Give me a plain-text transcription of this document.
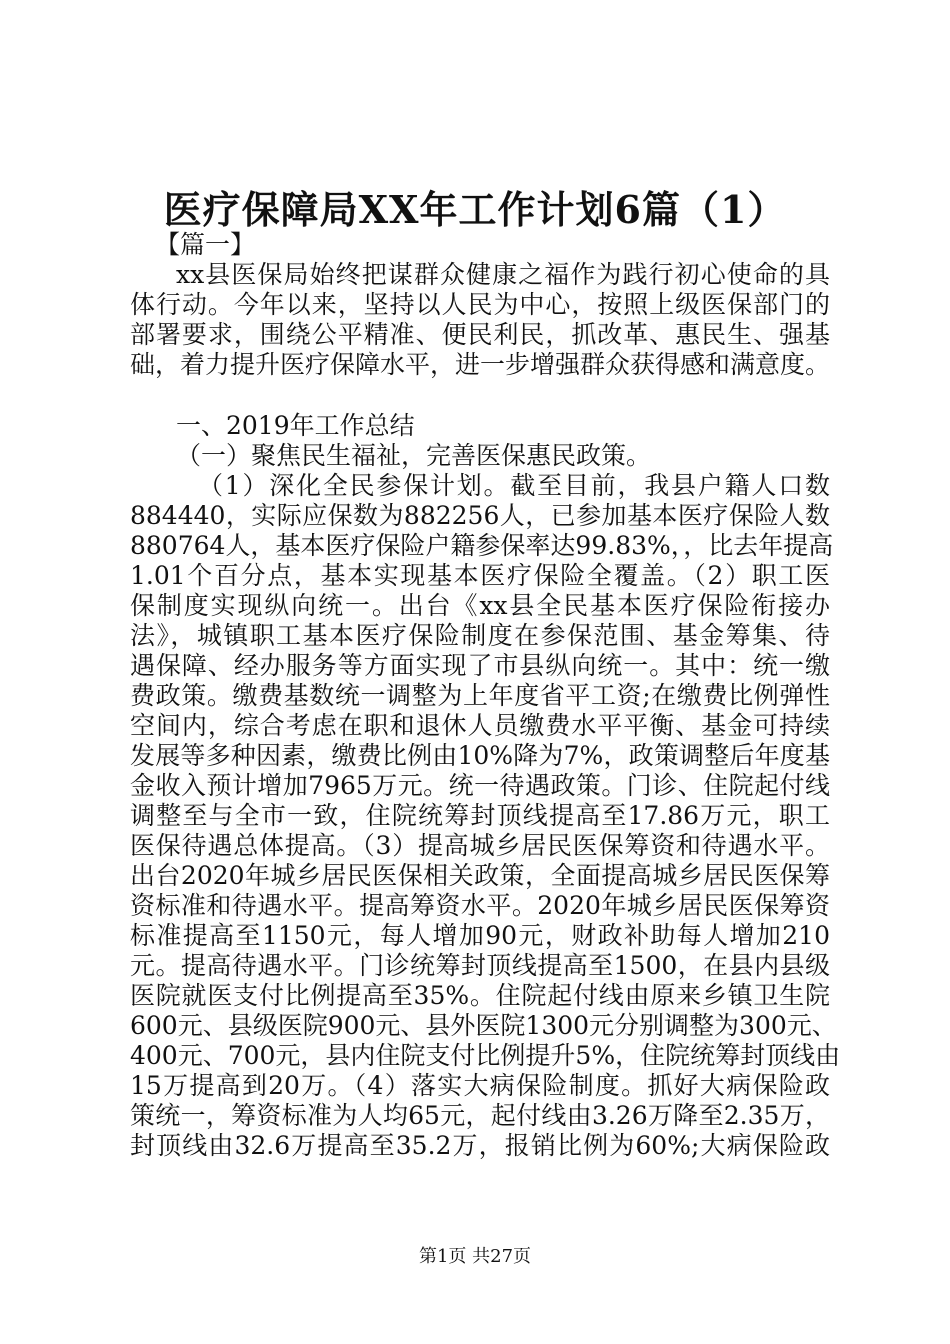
医疗保障局XX年工作计划6篇（1）
【篇一】
xx县医保局始终把谋群众健康之福作为践行初心使命的具
体行动。今年以来，坚持以人民为中心，按照上级医保部门的
部署要求，围绕公平精准、便民利民，抓改革、惠民生、强基
础，着力提升医疗保障水平，进一步增强群众获得感和满意度。
一、2019年工作总结
（一）聚焦民生福祉，完善医保惠民政策。
（1）深化全民参保计划。截至目前，我县户籍人口数
884440，实际应保数为882256人，已参加基本医疗保险人数
880764人，基本医疗保险户籍参保率达99.83%，，比去年提高
1.01个百分点，基本实现基本医疗保险全覆盖。（2）职工医
保制度实现纵向统一。出台《xx县全民基本医疗保险衔接办
法》，城镇职工基本医疗保险制度在参保范围、基金筹集、待
遇保障、经办服务等方面实现了市县纵向统一。其中：统一缴
费政策。缴费基数统一调整为上年度省平工资;在缴费比例弹性
空间内，综合考虑在职和退休人员缴费水平平衡、基金可持续
发展等多种因素，缴费比例由10%降为7%，政策调整后年度基
金收入预计增加7965万元。统一待遇政策。门诊、住院起付线
调整至与全市一致，住院统筹封顶线提高至17.86万元，职工
医保待遇总体提高。（3）提高城乡居民医保筹资和待遇水平。
出台2020年城乡居民医保相关政策，全面提高城乡居民医保筹
资标准和待遇水平。提高筹资水平。2020年城乡居民医保筹资
标准提高至1150元，每人增加90元，财政补助每人增加210
元。提高待遇水平。门诊统筹封顶线提高至1500，在县内县级
医院就医支付比例提高至35%。住院起付线由原来乡镇卫生院
600元、县级医院900元、县外医院1300元分别调整为300元、
400元、700元，县内住院支付比例提升5%，住院统筹封顶线由
15万提高到20万。（4）落实大病保险制度。抓好大病保险政
策统一，筹资标准为人均65元，起付线由3.26万降至2.35万，
封顶线由32.6万提高至35.2万，报销比例为60%;大病保险政
第1页 共27页
